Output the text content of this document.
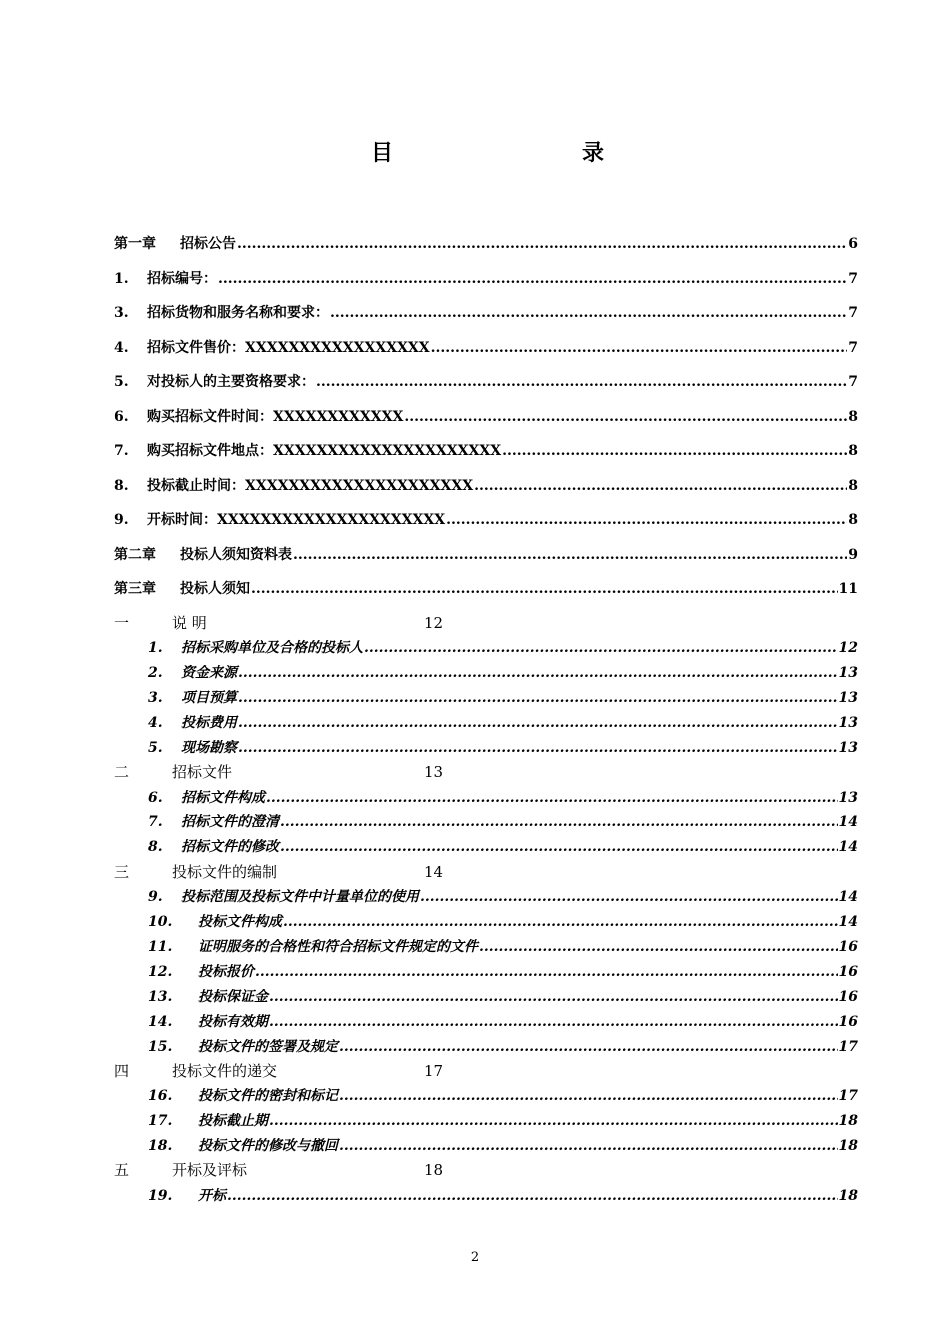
目	录
第一章	招标公告 .....	6
1.	招标编号： .....	7
3.	招标货物和服务名称和要求： .....	7
4.	招标文件售价：XXXXXXXXXXXXXXXXX .....	7
5.	对投标人的主要资格要求： .....	7
6.	购买招标文件时间：XXXXXXXXXXXX .....	8
7.	购买招标文件地点：XXXXXXXXXXXXXXXXXXXXX .....	8
8.	投标截止时间：XXXXXXXXXXXXXXXXXXXXX .....	8
9.	开标时间：XXXXXXXXXXXXXXXXXXXXX .....	8
第二章	投标人须知资料表 .....	9
第三章	投标人须知 .....	11
一	说 明	12
1.	招标采购单位及合格的投标人 .....	12
2.	资金来源 .....	13
3.	项目预算 .....	13
4.	投标费用 .....	13
5.	现场勘察 .....	13
二	招标文件	13
6.	招标文件构成 .....	13
7.	招标文件的澄清 .....	14
8.	招标文件的修改 .....	14
三	投标文件的编制	14
9.	投标范围及投标文件中计量单位的使用 .....	14
10.	投标文件构成 .....	14
11.	证明服务的合格性和符合招标文件规定的文件 .....	16
12.	投标报价 .....	16
13.	投标保证金 .....	16
14.	投标有效期 .....	16
15.	投标文件的签署及规定 .....	17
四	投标文件的递交	17
16.	投标文件的密封和标记 .....	17
17.	投标截止期 .....	18
18.	投标文件的修改与撤回 .....	18
五	开标及评标	18
19.	开标 .....	18
2
